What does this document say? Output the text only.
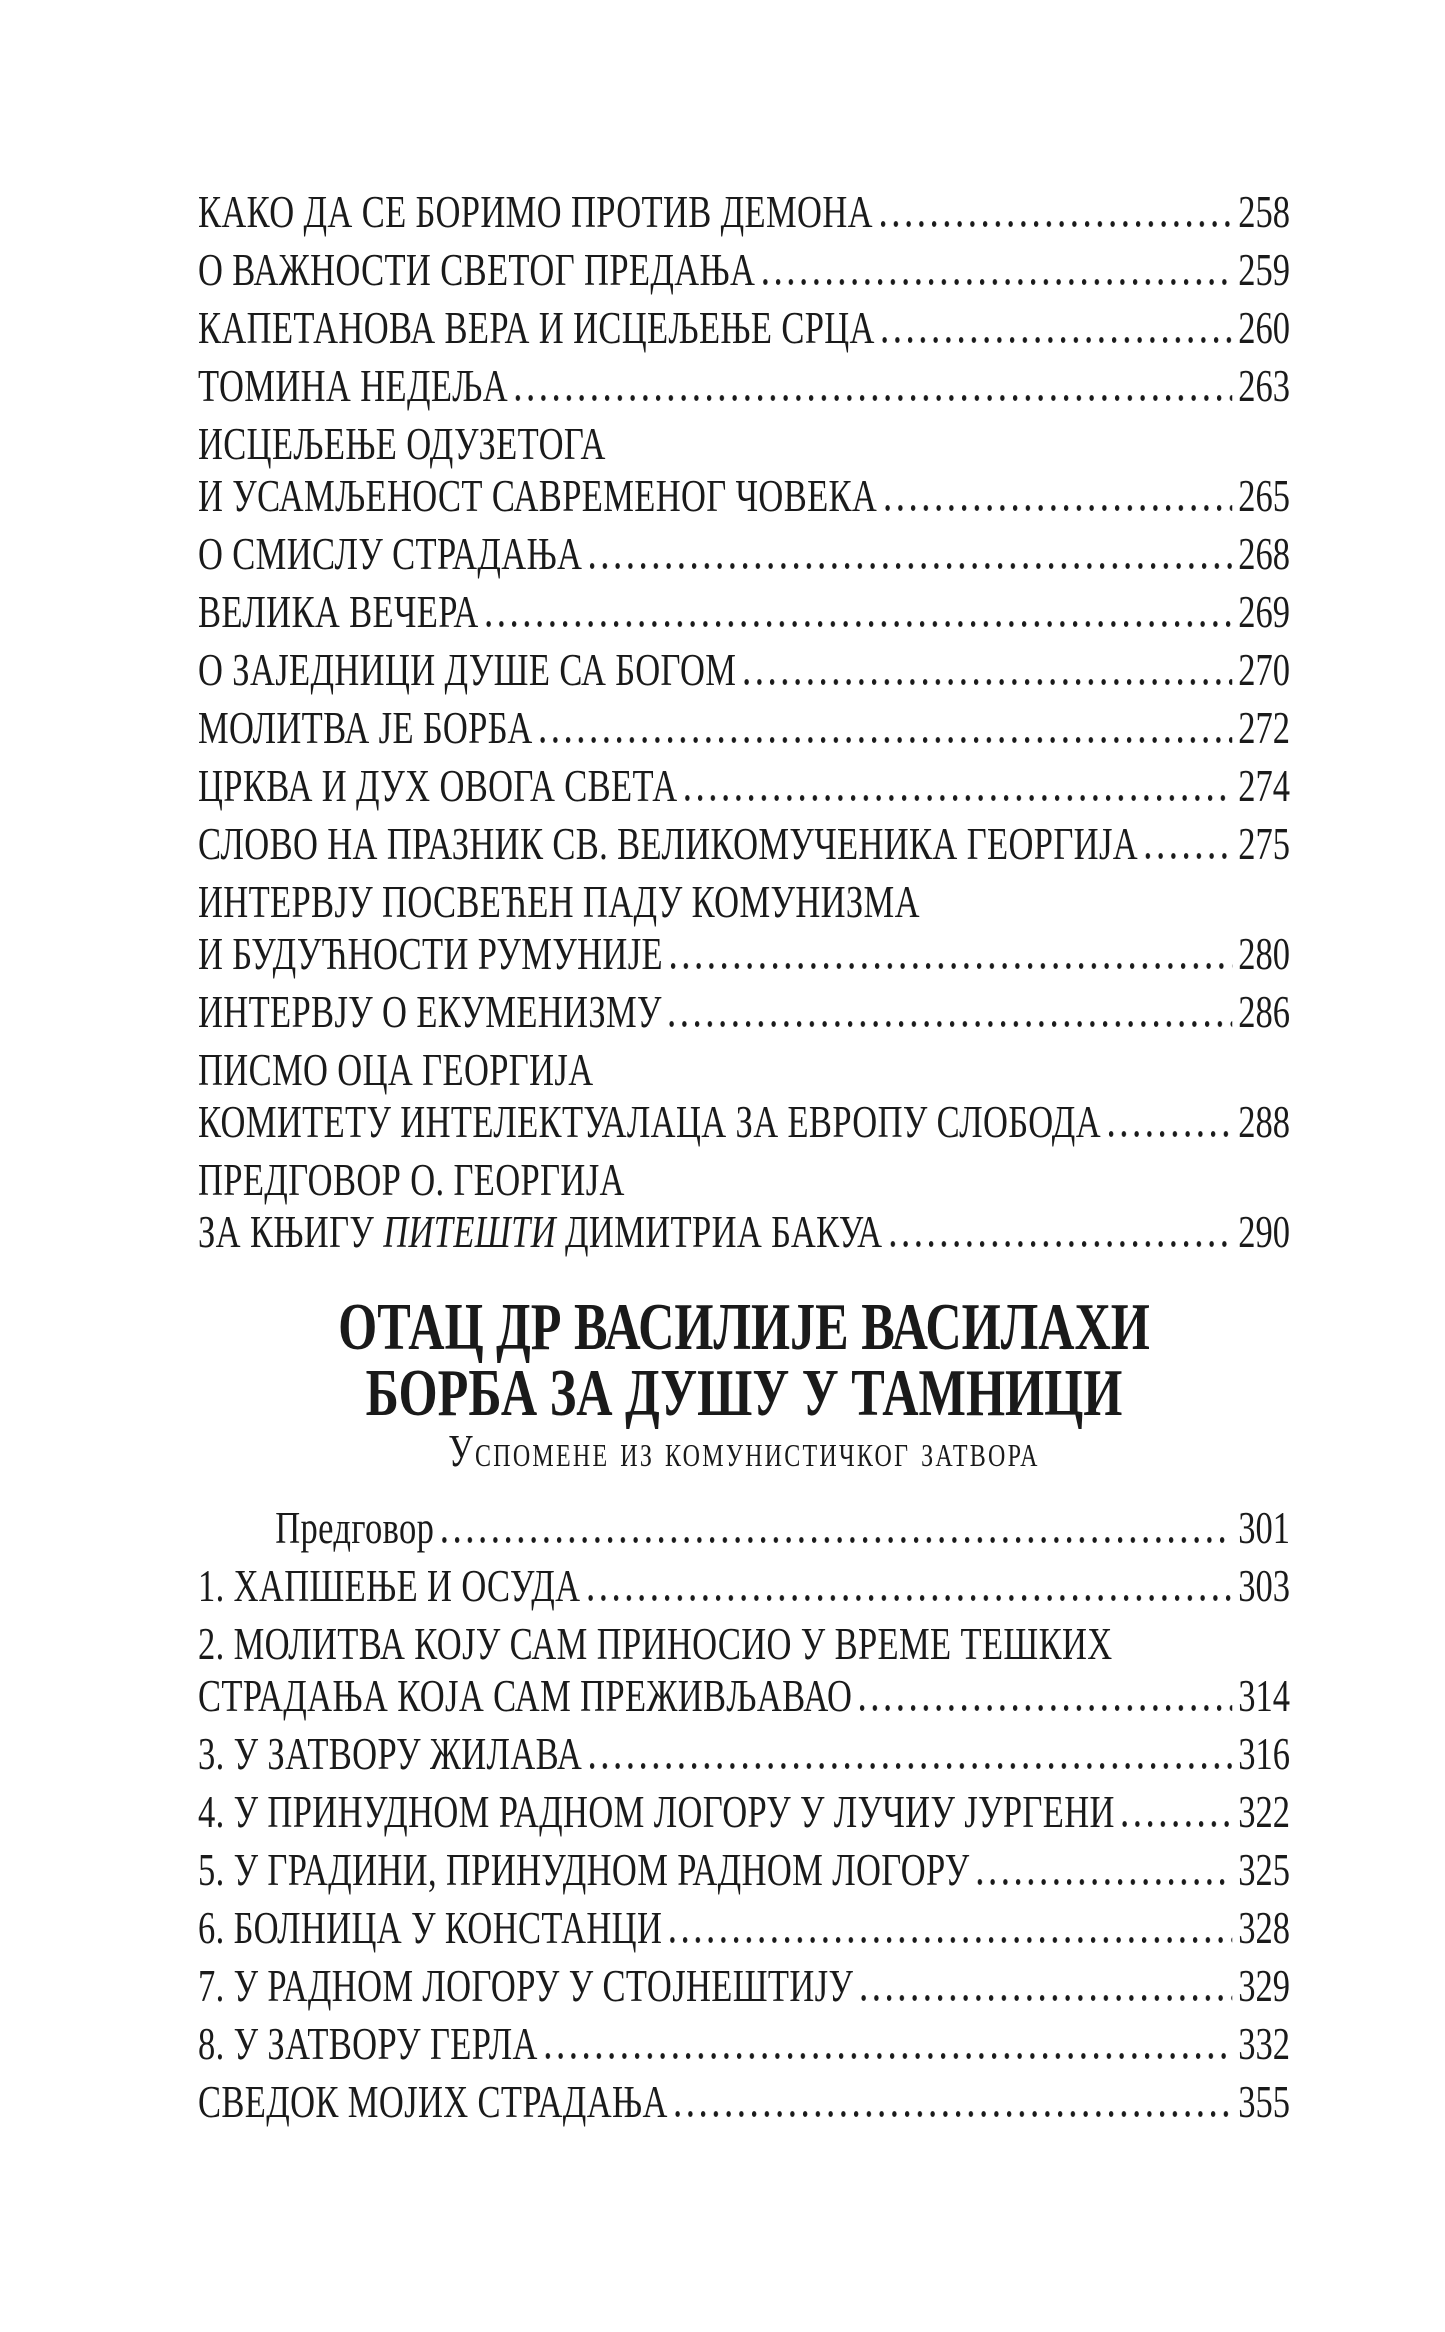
КАКО ДА СЕ БОРИМО ПРОТИВ ДЕМОНА	258
О ВАЖНОСТИ СВЕТОГ ПРЕДАЊА	259
КАПЕТАНОВА ВЕРА И ИСЦЕЉЕЊЕ СРЦА	260
ТОМИНА НЕДЕЉА	263
ИСЦЕЉЕЊЕ ОДУЗЕТОГА
И УСАМЉЕНОСТ САВРЕМЕНОГ ЧОВЕКА	265
О СМИСЛУ СТРАДАЊА	268
ВЕЛИКА ВЕЧЕРА	269
О ЗАЈЕДНИЦИ ДУШЕ СА БОГОМ	270
МОЛИТВА ЈЕ БОРБА	272
ЦРКВА И ДУХ ОВОГА СВЕТА	274
СЛОВО НА ПРАЗНИК СВ. ВЕЛИКОМУЧЕНИКА ГЕОРГИЈА 275
ИНТЕРВЈУ ПОСВЕЋЕН ПАДУ КОМУНИЗМА
И БУДУЋНОСТИ РУМУНИЈЕ	280
ИНТЕРВЈУ О ЕКУМЕНИЗМУ	286
ПИСМО ОЦА ГЕОРГИЈА
КОМИТЕТУ ИНТЕЛЕКТУАЛАЦА ЗА ЕВРОПУ СЛОБОДА	288
ПРЕДГОВОР О. ГЕОРГИЈА
ЗА КЊИГУ ПИТЕШТИ ДИМИТРИА БАКУА	290
ОТАЦ ДР ВАСИЛИЈЕ ВАСИЛАХИ
БОРБА ЗА ДУШУ У ТАМНИЦИ
Успомене из комунистичког затвора
Предговор	301
1. ХАПШЕЊЕ И ОСУДА	303
2. МОЛИТВА КОЈУ САМ ПРИНОСИО У ВРЕМЕ ТЕШКИХ
СТРАДАЊА КОЈА САМ ПРЕЖИВЉАВАО	314
3. У ЗАТВОРУ ЖИЛАВА	316
4. У ПРИНУДНОМ РАДНОМ ЛОГОРУ У ЛУЧИУ ЈУРГЕНИ	322
5. У ГРАДИНИ, ПРИНУДНОМ РАДНОМ ЛОГОРУ	325
6. БОЛНИЦА У КОНСТАНЦИ	328
7. У РАДНОМ ЛОГОРУ У СТОЈНЕШТИЈУ	329
8. У ЗАТВОРУ ГЕРЛА	332
СВЕДОК МОЈИХ СТРАДАЊА	355
